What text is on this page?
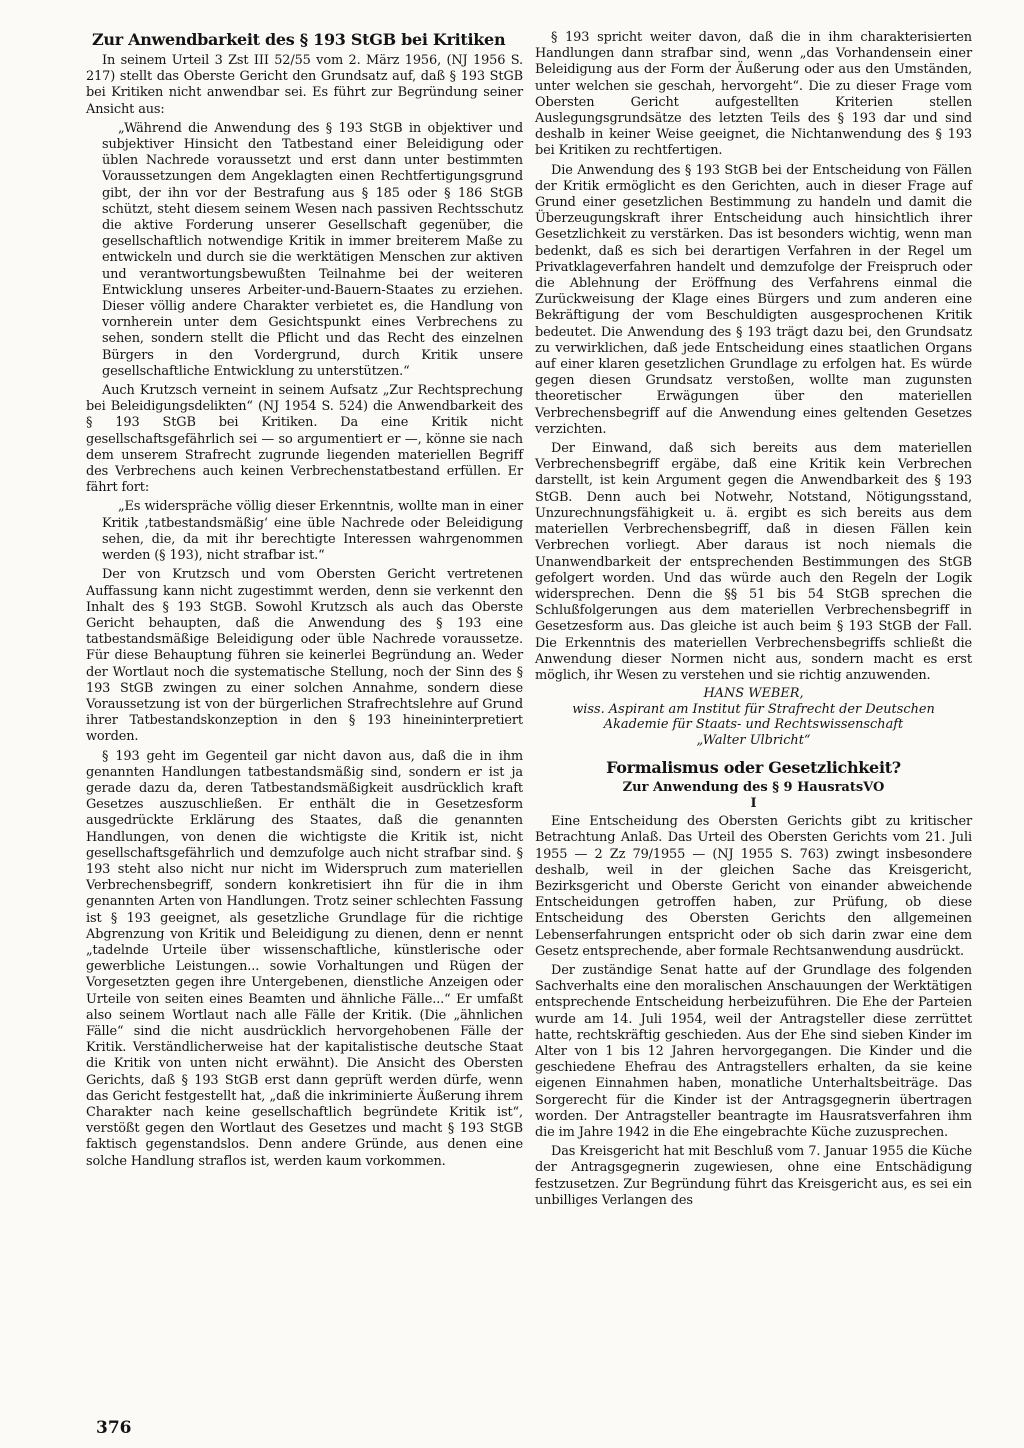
Zur Anwendbarkeit des § 193 StGB bei Kritiken

In seinem Urteil 3 Zst III 52/55 vom 2. März 1956, (NJ 1956 S. 217) stellt das Oberste Gericht den Grundsatz auf, daß § 193 StGB bei Kritiken nicht anwendbar sei. Es führt zur Begründung seiner Ansicht aus:

„Während die Anwendung des § 193 StGB in objektiver und subjektiver Hinsicht den Tatbestand einer Beleidigung oder üblen Nachrede voraussetzt und erst dann unter bestimmten Voraussetzungen dem Angeklagten einen Rechtfertigungsgrund gibt, der ihn vor der Bestrafung aus § 185 oder § 186 StGB schützt, steht diesem seinem Wesen nach passiven Rechtsschutz die aktive Forderung unserer Gesellschaft gegenüber, die gesellschaftlich notwendige Kritik in immer breiterem Maße zu entwickeln und durch sie die werktätigen Menschen zur aktiven und verantwortungsbewußten Teilnahme bei der weiteren Entwicklung unseres Arbeiter-und-Bauern-Staates zu erziehen. Dieser völlig andere Charakter verbietet es, die Handlung von vornherein unter dem Gesichtspunkt eines Verbrechens zu sehen, sondern stellt die Pflicht und das Recht des einzelnen Bürgers in den Vordergrund, durch Kritik unsere gesellschaftliche Entwicklung zu unterstützen.“

Auch Krutzsch verneint in seinem Aufsatz „Zur Rechtsprechung bei Beleidigungsdelikten“ (NJ 1954 S. 524) die Anwendbarkeit des § 193 StGB bei Kritiken. Da eine Kritik nicht gesellschaftsgefährlich sei — so argumentiert er —, könne sie nach dem unserem Strafrecht zugrunde liegenden materiellen Begriff des Verbrechens auch keinen Verbrechenstatbestand erfüllen. Er fährt fort:

„Es widerspräche völlig dieser Erkenntnis, wollte man in einer Kritik ‚tatbestandsmäßig‘ eine üble Nachrede oder Beleidigung sehen, die, da mit ihr berechtigte Interessen wahrgenommen werden (§ 193), nicht strafbar ist.“

Der von Krutzsch und vom Obersten Gericht vertretenen Auffassung kann nicht zugestimmt werden, denn sie verkennt den Inhalt des § 193 StGB. Sowohl Krutzsch als auch das Oberste Gericht behaupten, daß die Anwendung des § 193 eine tatbestandsmäßige Beleidigung oder üble Nachrede voraussetze. Für diese Behauptung führen sie keinerlei Begründung an. Weder der Wortlaut noch die systematische Stellung, noch der Sinn des § 193 StGB zwingen zu einer solchen Annahme, sondern diese Voraussetzung ist von der bürgerlichen Strafrechtslehre auf Grund ihrer Tatbestandskonzeption in den § 193 hineininterpretiert worden.

§ 193 geht im Gegenteil gar nicht davon aus, daß die in ihm genannten Handlungen tatbestandsmäßig sind, sondern er ist ja gerade dazu da, deren Tatbestandsmäßigkeit ausdrücklich kraft Gesetzes auszuschließen. Er enthält die in Gesetzesform ausgedrückte Erklärung des Staates, daß die genannten Handlungen, von denen die wichtigste die Kritik ist, nicht gesellschaftsgefährlich und demzufolge auch nicht strafbar sind. § 193 steht also nicht nur nicht im Widerspruch zum materiellen Verbrechensbegriff, sondern konkretisiert ihn für die in ihm genannten Arten von Handlungen. Trotz seiner schlechten Fassung ist § 193 geeignet, als gesetzliche Grundlage für die richtige Abgrenzung von Kritik und Beleidigung zu dienen, denn er nennt „tadelnde Urteile über wissenschaftliche, künstlerische oder gewerbliche Leistungen... sowie Vorhaltungen und Rügen der Vorgesetzten gegen ihre Untergebenen, dienstliche Anzeigen oder Urteile von seiten eines Beamten und ähnliche Fälle...“ Er umfaßt also seinem Wortlaut nach alle Fälle der Kritik. (Die „ähnlichen Fälle“ sind die nicht ausdrücklich hervorgehobenen Fälle der Kritik. Verständlicherweise hat der kapitalistische deutsche Staat die Kritik von unten nicht erwähnt). Die Ansicht des Obersten Gerichts, daß § 193 StGB erst dann geprüft werden dürfe, wenn das Gericht festgestellt hat, „daß die inkriminierte Äußerung ihrem Charakter nach keine gesellschaftlich begründete Kritik ist“, verstößt gegen den Wortlaut des Gesetzes und macht § 193 StGB faktisch gegenstandslos. Denn andere Gründe, aus denen eine solche Handlung straflos ist, werden kaum vorkommen.

§ 193 spricht weiter davon, daß die in ihm charakterisierten Handlungen dann strafbar sind, wenn „das Vorhandensein einer Beleidigung aus der Form der Äußerung oder aus den Umständen, unter welchen sie geschah, hervorgeht“. Die zu dieser Frage vom Obersten Gericht aufgestellten Kriterien stellen Auslegungsgrundsätze des letzten Teils des § 193 dar und sind deshalb in keiner Weise geeignet, die Nichtanwendung des § 193 bei Kritiken zu rechtfertigen.

Die Anwendung des § 193 StGB bei der Entscheidung von Fällen der Kritik ermöglicht es den Gerichten, auch in dieser Frage auf Grund einer gesetzlichen Bestimmung zu handeln und damit die Überzeugungskraft ihrer Entscheidung auch hinsichtlich ihrer Gesetzlichkeit zu verstärken. Das ist besonders wichtig, wenn man bedenkt, daß es sich bei derartigen Verfahren in der Regel um Privatklageverfahren handelt und demzufolge der Freispruch oder die Ablehnung der Eröffnung des Verfahrens einmal die Zurückweisung der Klage eines Bürgers und zum anderen eine Bekräftigung der vom Beschuldigten ausgesprochenen Kritik bedeutet. Die Anwendung des § 193 trägt dazu bei, den Grundsatz zu verwirklichen, daß jede Entscheidung eines staatlichen Organs auf einer klaren gesetzlichen Grundlage zu erfolgen hat. Es würde gegen diesen Grundsatz verstoßen, wollte man zugunsten theoretischer Erwägungen über den materiellen Verbrechensbegriff auf die Anwendung eines geltenden Gesetzes verzichten.

Der Einwand, daß sich bereits aus dem materiellen Verbrechensbegriff ergäbe, daß eine Kritik kein Verbrechen darstellt, ist kein Argument gegen die Anwendbarkeit des § 193 StGB. Denn auch bei Notwehr, Notstand, Nötigungsstand, Unzurechnungsfähigkeit u. ä. ergibt es sich bereits aus dem materiellen Verbrechensbegriff, daß in diesen Fällen kein Verbrechen vorliegt. Aber daraus ist noch niemals die Unanwendbarkeit der entsprechenden Bestimmungen des StGB gefolgert worden. Und das würde auch den Regeln der Logik widersprechen. Denn die §§ 51 bis 54 StGB sprechen die Schlußfolgerungen aus dem materiellen Verbrechensbegriff in Gesetzesform aus. Das gleiche ist auch beim § 193 StGB der Fall. Die Erkenntnis des materiellen Verbrechensbegriffs schließt die Anwendung dieser Normen nicht aus, sondern macht es erst möglich, ihr Wesen zu verstehen und sie richtig anzuwenden.

HANS WEBER,
wiss. Aspirant am Institut für Strafrecht der Deutschen
Akademie für Staats- und Rechtswissenschaft
„Walter Ulbricht“
Formalismus oder Gesetzlichkeit?
Zur Anwendung des § 9 HausratsVO
I

Eine Entscheidung des Obersten Gerichts gibt zu kritischer Betrachtung Anlaß. Das Urteil des Obersten Gerichts vom 21. Juli 1955 — 2 Zz 79/1955 — (NJ 1955 S. 763) zwingt insbesondere deshalb, weil in der gleichen Sache das Kreisgericht, Bezirksgericht und Oberste Gericht von einander abweichende Entscheidungen getroffen haben, zur Prüfung, ob diese Entscheidung des Obersten Gerichts den allgemeinen Lebenserfahrungen entspricht oder ob sich darin zwar eine dem Gesetz entsprechende, aber formale Rechtsanwendung ausdrückt.

Der zuständige Senat hatte auf der Grundlage des folgenden Sachverhalts eine den moralischen Anschauungen der Werktätigen entsprechende Entscheidung herbeizuführen. Die Ehe der Parteien wurde am 14. Juli 1954, weil der Antragsteller diese zerrüttet hatte, rechtskräftig geschieden. Aus der Ehe sind sieben Kinder im Alter von 1 bis 12 Jahren hervorgegangen. Die Kinder und die geschiedene Ehefrau des Antragstellers erhalten, da sie keine eigenen Einnahmen haben, monatliche Unterhaltsbeiträge. Das Sorgerecht für die Kinder ist der Antragsgegnerin übertragen worden. Der Antragsteller beantragte im Hausratsverfahren ihm die im Jahre 1942 in die Ehe eingebrachte Küche zuzusprechen.

Das Kreisgericht hat mit Beschluß vom 7. Januar 1955 die Küche der Antragsgegnerin zugewiesen, ohne eine Entschädigung festzusetzen. Zur Begründung führt das Kreisgericht aus, es sei ein unbilliges Verlangen des

376
